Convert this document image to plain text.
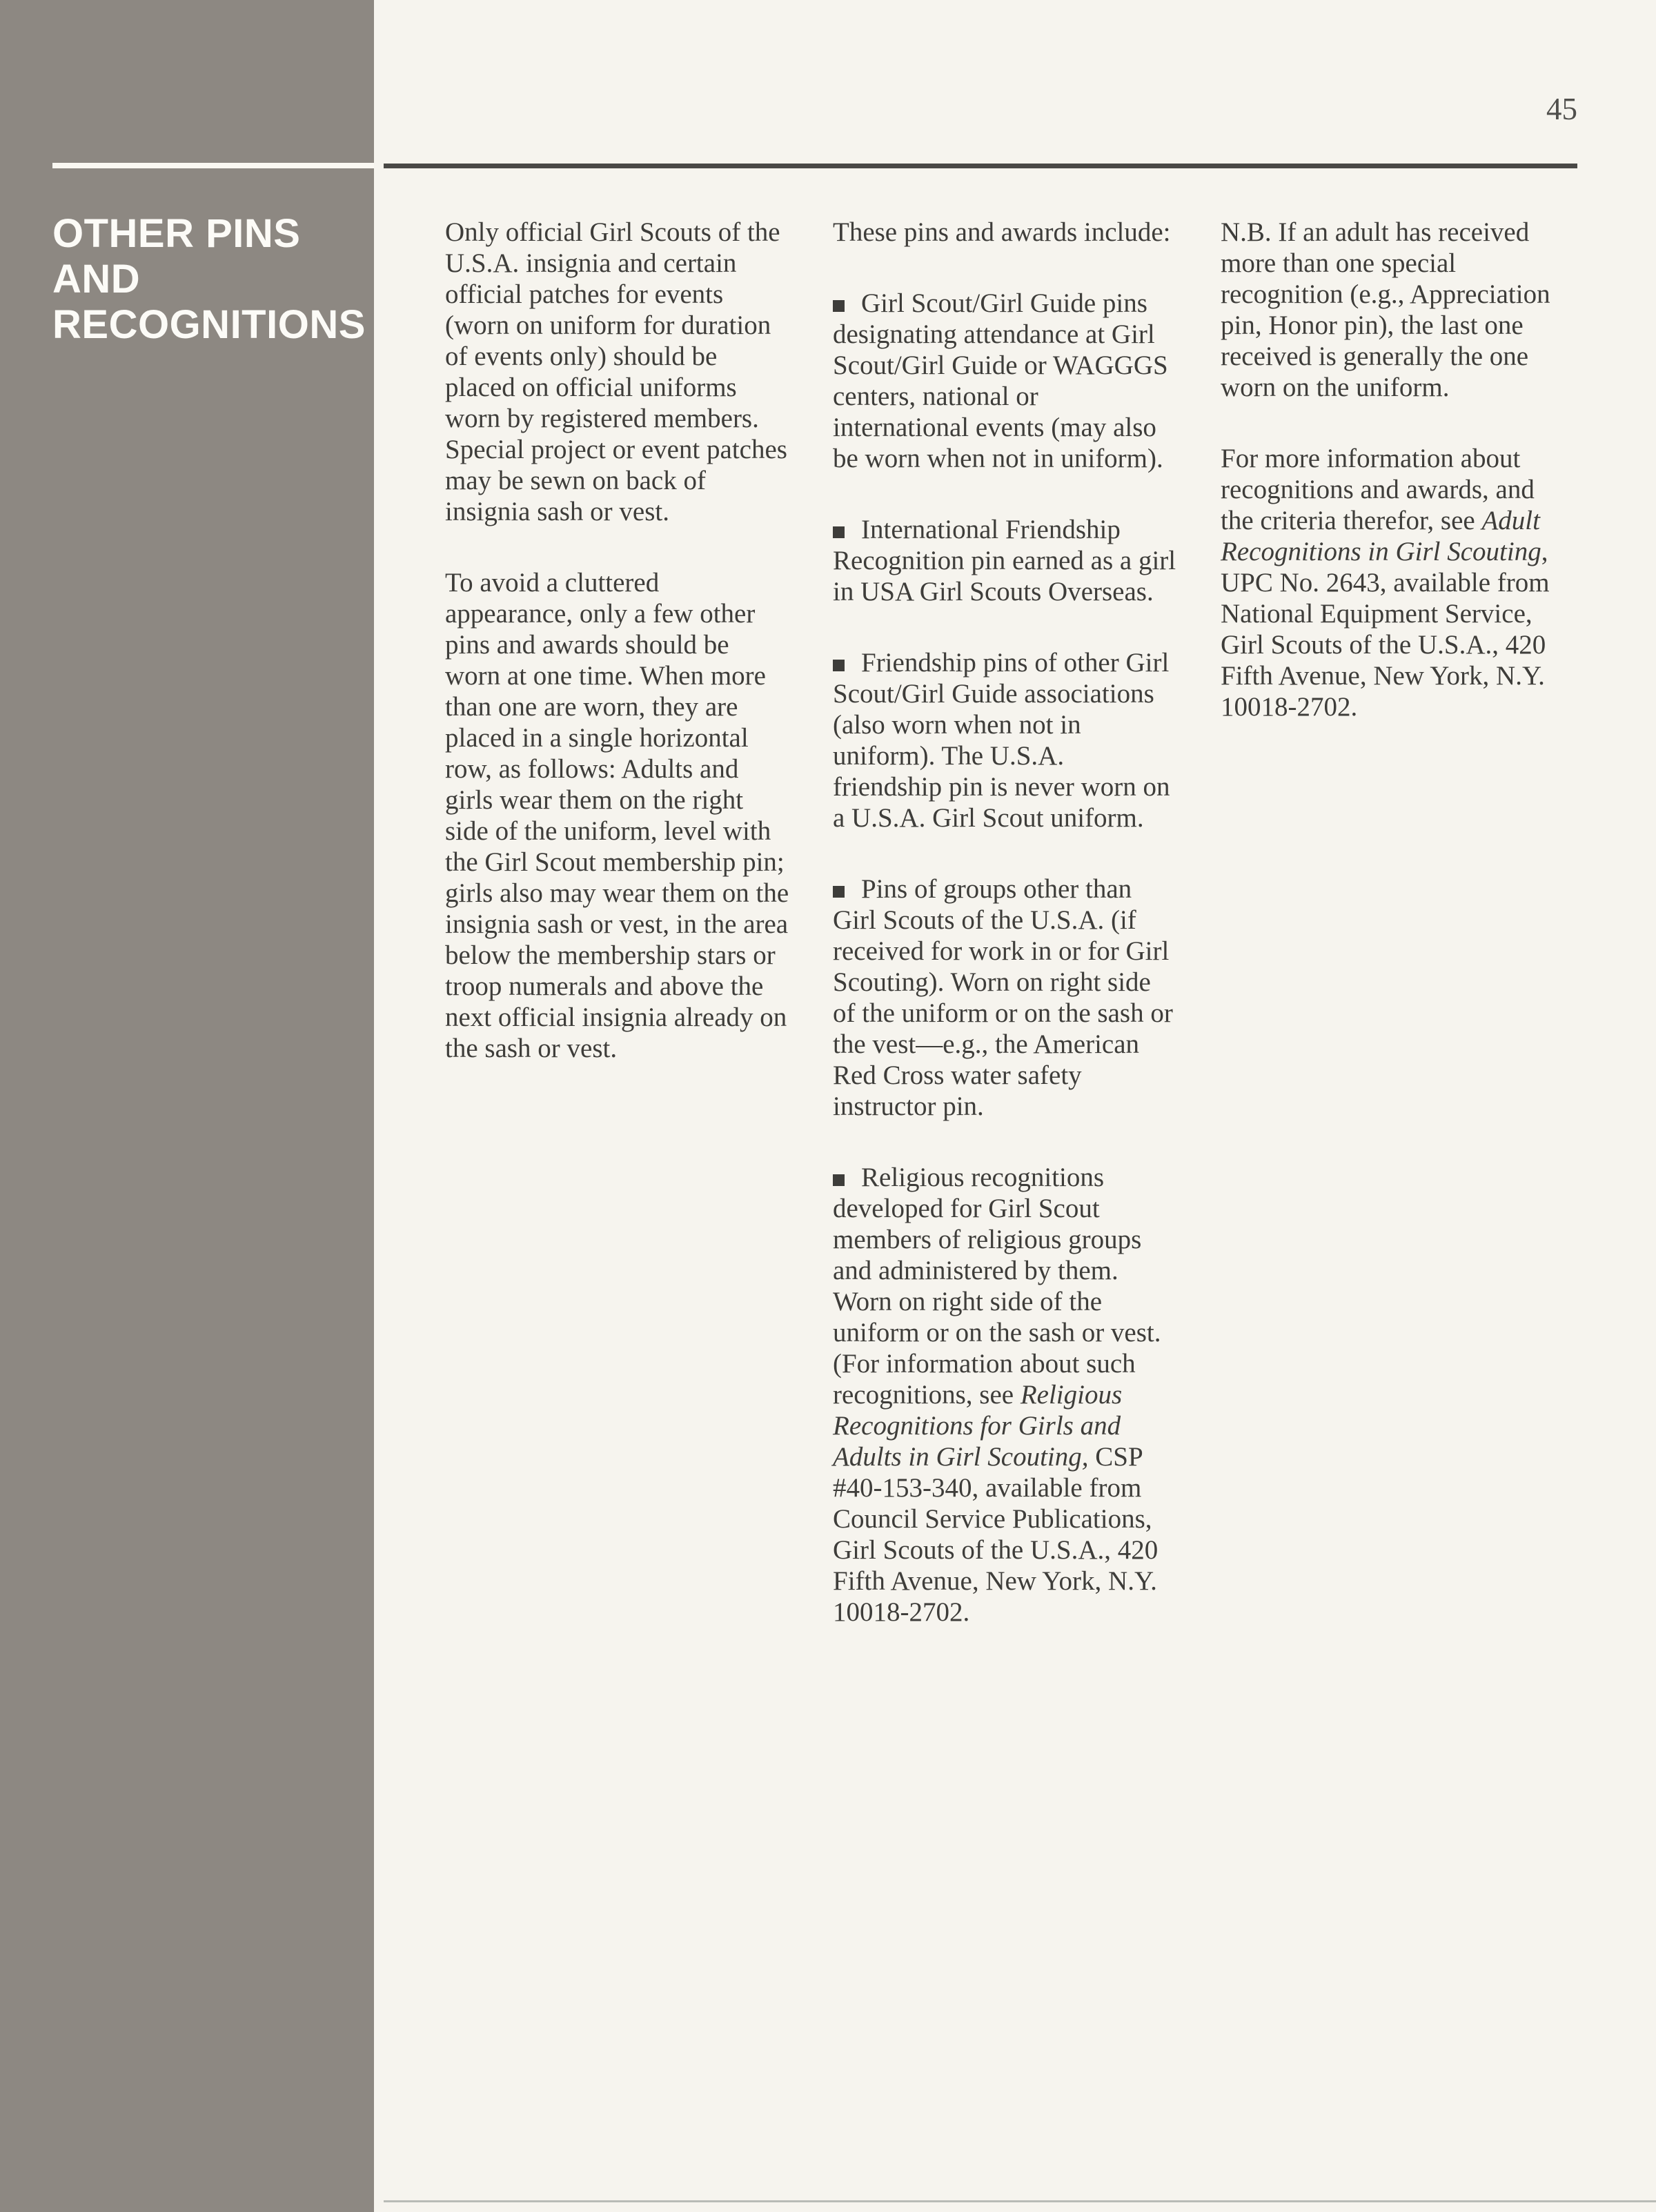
OTHER PINS
AND
RECOGNITIONS
45

Only official Girl Scouts of the U.S.A. insignia and certain official patches for events (worn on uniform for duration of events only) should be placed on official uniforms worn by registered members. Special project or event patches may be sewn on back of insignia sash or vest.

To avoid a cluttered appearance, only a few other pins and awards should be worn at one time. When more than one are worn, they are placed in a single horizontal row, as follows: Adults and girls wear them on the right side of the uniform, level with the Girl Scout membership pin; girls also may wear them on the insignia sash or vest, in the area below the membership stars or troop numerals and above the next official insignia already on the sash or vest.

These pins and awards include:

Girl Scout/Girl Guide pins designating attendance at Girl Scout/Girl Guide or WAGGGS centers, national or international events (may also be worn when not in uniform).

International Friendship Recognition pin earned as a girl in USA Girl Scouts Overseas.

Friendship pins of other Girl Scout/Girl Guide associations (also worn when not in uniform). The U.S.A. friendship pin is never worn on a U.S.A. Girl Scout uniform.

Pins of groups other than Girl Scouts of the U.S.A. (if received for work in or for Girl Scouting). Worn on right side of the uniform or on the sash or the vest—e.g., the American Red Cross water safety instructor pin.

Religious recognitions developed for Girl Scout members of religious groups and administered by them. Worn on right side of the uniform or on the sash or vest. (For information about such recognitions, see Religious Recognitions for Girls and Adults in Girl Scouting, CSP #40-153-340, available from Council Service Publications, Girl Scouts of the U.S.A., 420 Fifth Avenue, New York, N.Y. 10018-2702.

N.B. If an adult has received more than one special recognition (e.g., Appreciation pin, Honor pin), the last one received is generally the one worn on the uniform.

For more information about recognitions and awards, and the criteria therefor, see Adult Recognitions in Girl Scouting, UPC No. 2643, available from National Equipment Service, Girl Scouts of the U.S.A., 420 Fifth Avenue, New York, N.Y. 10018-2702.
